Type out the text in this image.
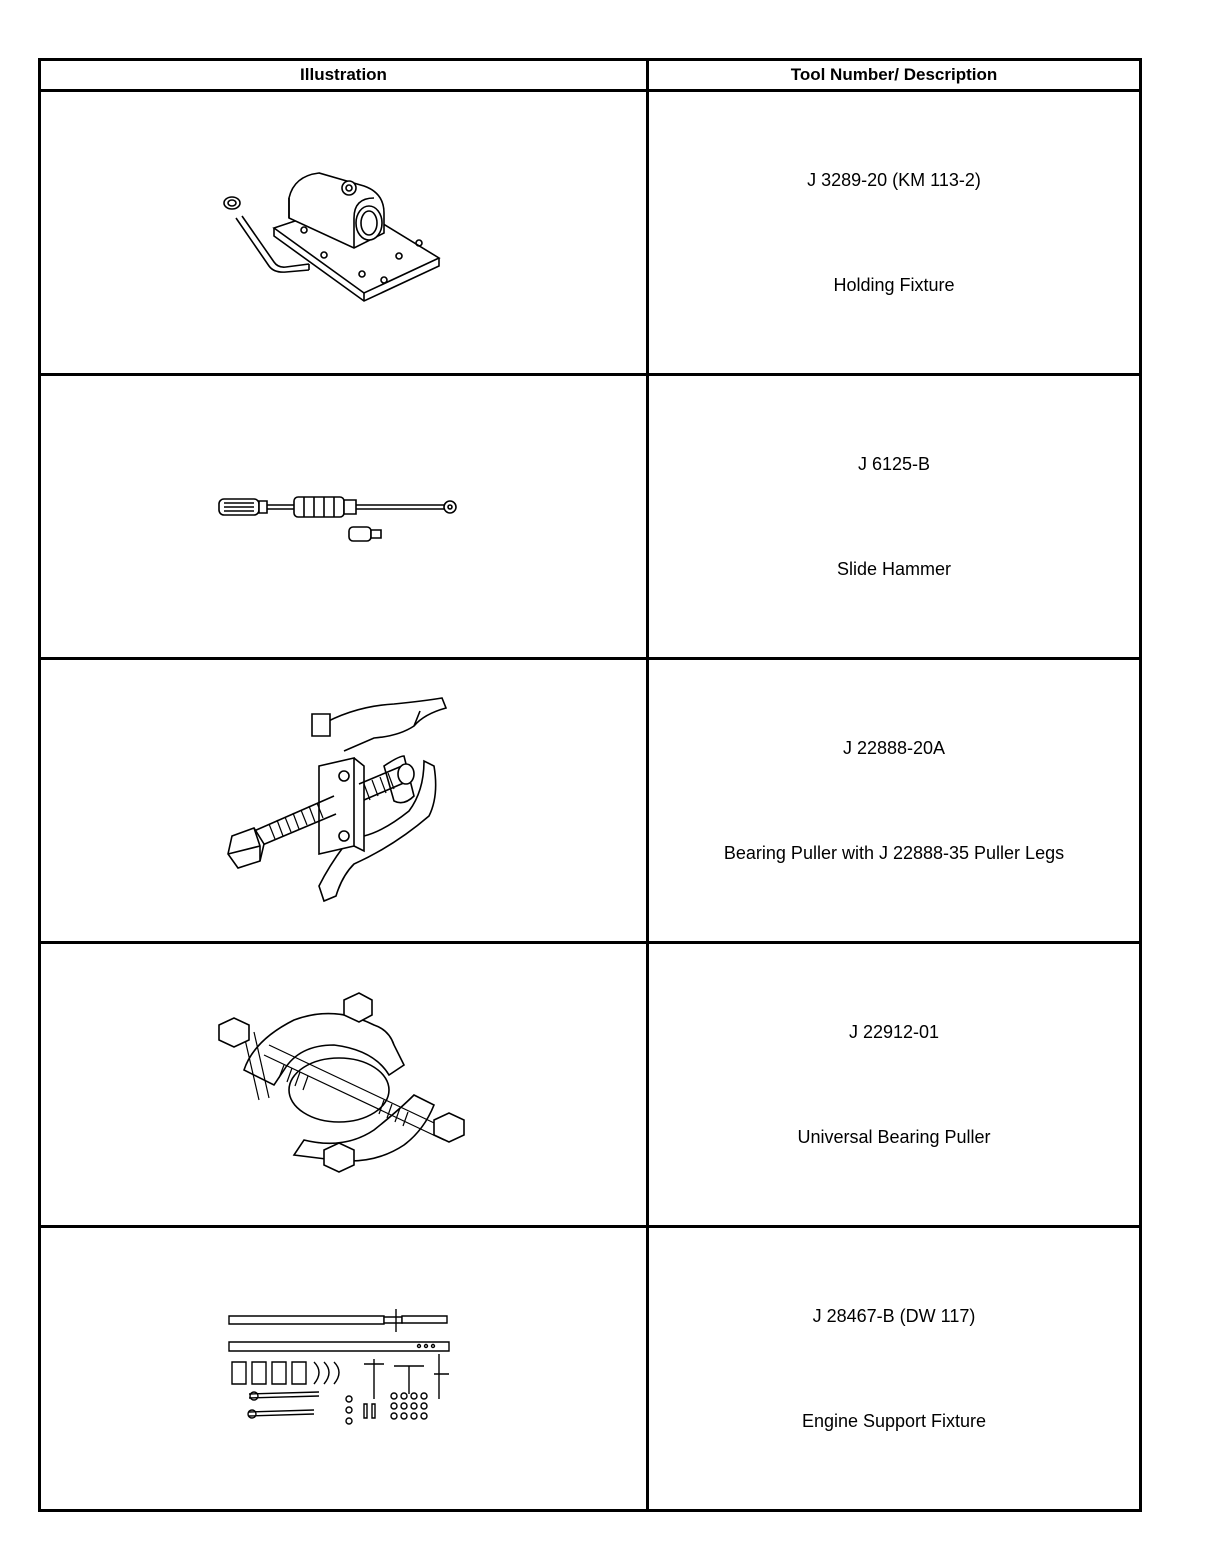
Illustration	Tool Number/ Description

J 3289-20 (KM 113-2)
Holding Fixture

J 6125-B
Slide Hammer

J 22888-20A
Bearing Puller with J 22888-35 Puller Legs

J 22912-01
Universal Bearing Puller

J 28467-B (DW 117)
Engine Support Fixture
